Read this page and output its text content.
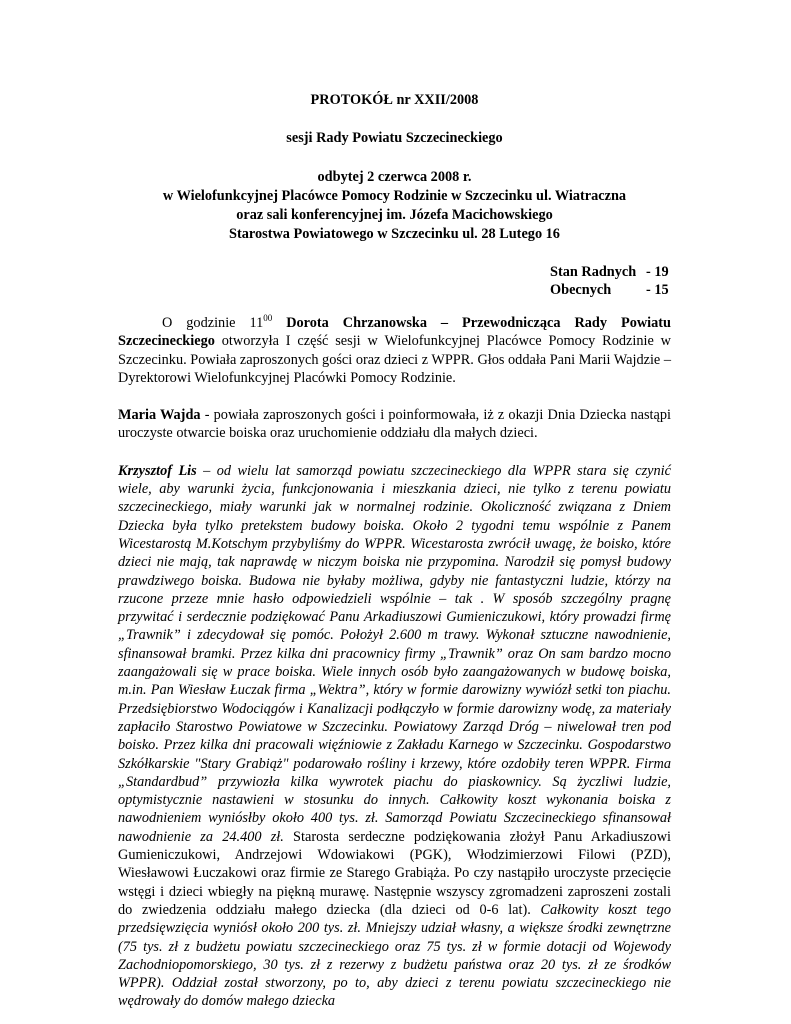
PROTOKÓŁ nr XXII/2008
sesji Rady Powiatu Szczecineckiego
odbytej 2 czerwca 2008 r.
w Wielofunkcyjnej Placówce Pomocy Rodzinie w Szczecinku ul. Wiatraczna
oraz sali konferencyjnej im. Józefa Macichowskiego
Starostwa Powiatowego w Szczecinku ul. 28 Lutego 16
Stan Radnych - 19
Obecnych	- 15

O godzinie $11^{00}$ Dorota Chrzanowska – Przewodnicząca Rady Powiatu Szczecineckiego otworzyła I część sesji w Wielofunkcyjnej Placówce Pomocy Rodzinie w Szczecinku. Powiała zaproszonych gości oraz dzieci z WPPR. Głos oddała Pani Marii Wajdzie – Dyrektorowi Wielofunkcyjnej Placówki Pomocy Rodzinie.

Maria Wajda - powiała zaproszonych gości i poinformowała, iż z okazji Dnia Dziecka nastąpi uroczyste otwarcie boiska oraz uruchomienie oddziału dla małych dzieci.

Krzysztof Lis – od wielu lat samorząd powiatu szczecineckiego dla WPPR stara się czynić wiele, aby warunki życia, funkcjonowania i mieszkania dzieci, nie tylko z terenu powiatu szczecineckiego, miały warunki jak w normalnej rodzinie. Okoliczność związana z Dniem Dziecka była tylko pretekstem budowy boiska. Około 2 tygodni temu wspólnie z Panem Wicestarostą M.Kotschym przybyliśmy do WPPR. Wicestarosta zwrócił uwagę, że boisko, które dzieci nie mają, tak naprawdę w niczym boiska nie przypomina. Narodził się pomysł budowy prawdziwego boiska. Budowa nie byłaby możliwa, gdyby nie fantastyczni ludzie, którzy na rzucone przeze mnie hasło odpowiedzieli wspólnie – tak . W sposób szczególny pragnę przywitać i serdecznie podziękować Panu Arkadiuszowi Gumieniczukowi, który prowadzi firmę „Trawnik” i zdecydował się pomóc. Położył 2.600 m trawy. Wykonał sztuczne nawodnienie, sfinansował bramki. Przez kilka dni pracownicy firmy „Trawnik” oraz On sam bardzo mocno zaangażowali się w prace boiska. Wiele innych osób było zaangażowanych w budowę boiska, m.in. Pan Wiesław Łuczak firma „Wektra”, który w formie darowizny wywiózł setki ton piachu. Przedsiębiorstwo Wodociągów i Kanalizacji podłączyło w formie darowizny wodę, za materiały zapłaciło Starostwo Powiatowe w Szczecinku. Powiatowy Zarząd Dróg – niwelował tren pod boisko. Przez kilka dni pracowali więźniowie z Zakładu Karnego w Szczecinku. Gospodarstwo Szkółkarskie "Stary Grabiąż" podarowało rośliny i krzewy, które ozdobiły teren WPPR. Firma „Standardbud” przywiozła kilka wywrotek piachu do piaskownicy. Są życzliwi ludzie, optymistycznie nastawieni w stosunku do innych. Całkowity koszt wykonania boiska z nawodnieniem wyniósłby około 400 tys. zł. Samorząd Powiatu Szczecineckiego sfinansował nawodnienie za 24.400 zł. Starosta serdeczne podziękowania złożył Panu Arkadiuszowi Gumieniczukowi, Andrzejowi Wdowiakowi (PGK), Włodzimierzowi Filowi (PZD), Wiesławowi Łuczakowi oraz firmie ze Starego Grabiąża. Po czy nastąpiło uroczyste przecięcie wstęgi i dzieci wbiegły na piękną murawę. Następnie wszyscy zgromadzeni zaproszeni zostali do zwiedzenia oddziału małego dziecka (dla dzieci od 0-6 lat). Całkowity koszt tego przedsięwzięcia wyniósł około 200 tys. zł. Mniejszy udział własny, a większe środki zewnętrzne (75 tys. zł z budżetu powiatu szczecineckiego oraz 75 tys. zł w formie dotacji od Wojewody Zachodniopomorskiego, 30 tys. zł z rezerwy z budżetu państwa oraz 20 tys. zł ze środków WPPR). Oddział został stworzony, po to, aby dzieci z terenu powiatu szczecineckiego nie wędrowały do domów małego dziecka
